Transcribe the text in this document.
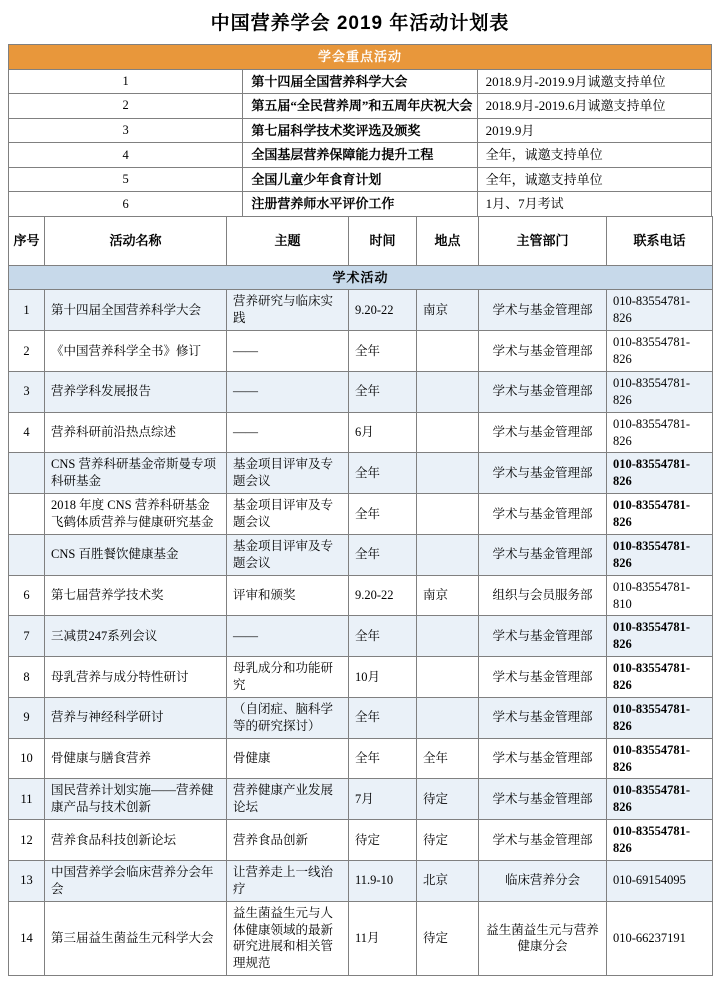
中国营养学会 2019 年活动计划表
学会重点活动		
1	第十四届全国营养科学大会	2018.9月-2019.9月诚邀支持单位
2	第五届“全民营养周”和五周年庆祝大会	2018.9月-2019.6月诚邀支持单位
3	第七届科学技术奖评选及颁奖	2019.9月
4	全国基层营养保障能力提升工程	全年，诚邀支持单位
5	全国儿童少年食育计划	全年，诚邀支持单位
6	注册营养师水平评价工作	1月、7月考试
序号	活动名称	主题	时间	地点	主管部门	联系电话
学术活动						
1	第十四届全国营养科学大会	营养研究与临床实践	9.20-22	南京	学术与基金管理部	010-83554781-826
2	《中国营养科学全书》修订	——	全年		学术与基金管理部	010-83554781-826
3	营养学科发展报告	——	全年		学术与基金管理部	010-83554781-826
4	营养科研前沿热点综述	——	6月		学术与基金管理部	010-83554781-826
	CNS 营养科研基金帝斯曼专项科研基金	基金项目评审及专题会议	全年		学术与基金管理部	010-83554781-826
	2018 年度 CNS 营养科研基金飞鹤体质营养与健康研究基金	基金项目评审及专题会议	全年		学术与基金管理部	010-83554781-826
	CNS 百胜餐饮健康基金	基金项目评审及专题会议	全年		学术与基金管理部	010-83554781-826
6	第七届营养学技术奖	评审和颁奖	9.20-22	南京	组织与会员服务部	010-83554781-810
7	三减贯247系列会议	——	全年		学术与基金管理部	010-83554781-826
8	母乳营养与成分特性研讨	母乳成分和功能研究	10月		学术与基金管理部	010-83554781-826
9	营养与神经科学研讨	（自闭症、脑科学等的研究探讨）	全年		学术与基金管理部	010-83554781-826
10	骨健康与膳食营养	骨健康	全年	全年	学术与基金管理部	010-83554781-826
11	国民营养计划实施——营养健康产品与技术创新	营养健康产业发展论坛	7月	待定	学术与基金管理部	010-83554781-826
12	营养食品科技创新论坛	营养食品创新	待定	待定	学术与基金管理部	010-83554781-826
13	中国营养学会临床营养分会年会	让营养走上一线治疗	11.9-10	北京	临床营养分会	010-69154095
14	第三届益生菌益生元科学大会	益生菌益生元与人体健康领域的最新研究进展和相关管理规范	11月	待定	益生菌益生元与营养健康分会	010-66237191
